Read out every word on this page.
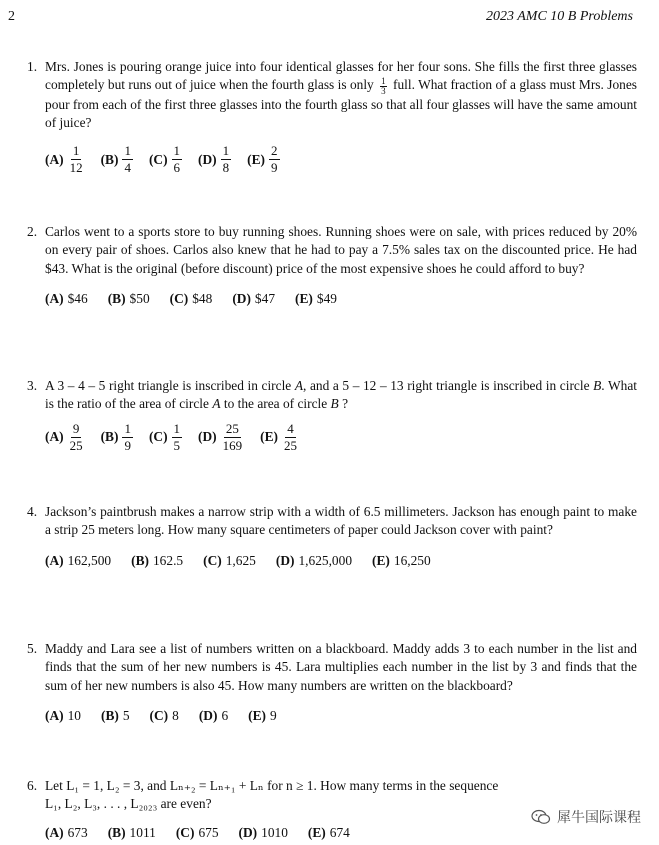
2	2023 AMC 10 B Problems
1. Mrs. Jones is pouring orange juice into four identical glasses for her four sons. She fills the first three glasses completely but runs out of juice when the fourth glass is only $\frac{1}{3}$ full. What fraction of a glass must Mrs. Jones pour from each of the first three glasses into the fourth glass so that all four glasses will have the same amount of juice?
$(A) \frac{1}{12} (B) \frac{1}{4} (C) \frac{1}{6} (D) \frac{1}{8} (E) \frac{2}{9}$
2. Carlos went to a sports store to buy running shoes. Running shoes were on sale, with prices reduced by 20% on every pair of shoes. Carlos also knew that he had to pay a 7.5% sales tax on the discounted price. He had $43. What is the original (before discount) price of the most expensive shoes he could afford to buy?
(A) $46 (B) $50 (C) $48 (D) $47 (E) $49
3. A 3 – 4 – 5 right triangle is inscribed in circle A, and a 5 – 12 – 13 right triangle is inscribed in circle B. What is the ratio of the area of circle A to the area of circle B ?
$(A) \frac{9}{25} (B) \frac{1}{9} (C) \frac{1}{5} (D) \frac{25}{169} (E) \frac{4}{25}$
4. Jackson’s paintbrush makes a narrow strip with a width of 6.5 millimeters. Jackson has enough paint to make a strip 25 meters long. How many square centimeters of paper could Jackson cover with paint?
(A) 162,500 (B) 162.5 (C) 1,625 (D) 1,625,000 (E) 16,250
5. Maddy and Lara see a list of numbers written on a blackboard. Maddy adds 3 to each number in the list and finds that the sum of her new numbers is 45. Lara multiplies each number in the list by 3 and finds that the sum of her new numbers is also 45. How many numbers are written on the blackboard?
(A) 10 (B) 5 (C) 8 (D) 6 (E) 9
6. Let L₁ = 1, L₂ = 3, and Lₙ₊₂ = Lₙ₊₁ + Lₙ for n ≥ 1. How many terms in the sequence
L₁, L₂, L₃, . . . , L₂₀₂₃ are even?
(A) 673 (B) 1011 (C) 675 (D) 1010 (E) 674
犀牛国际课程
